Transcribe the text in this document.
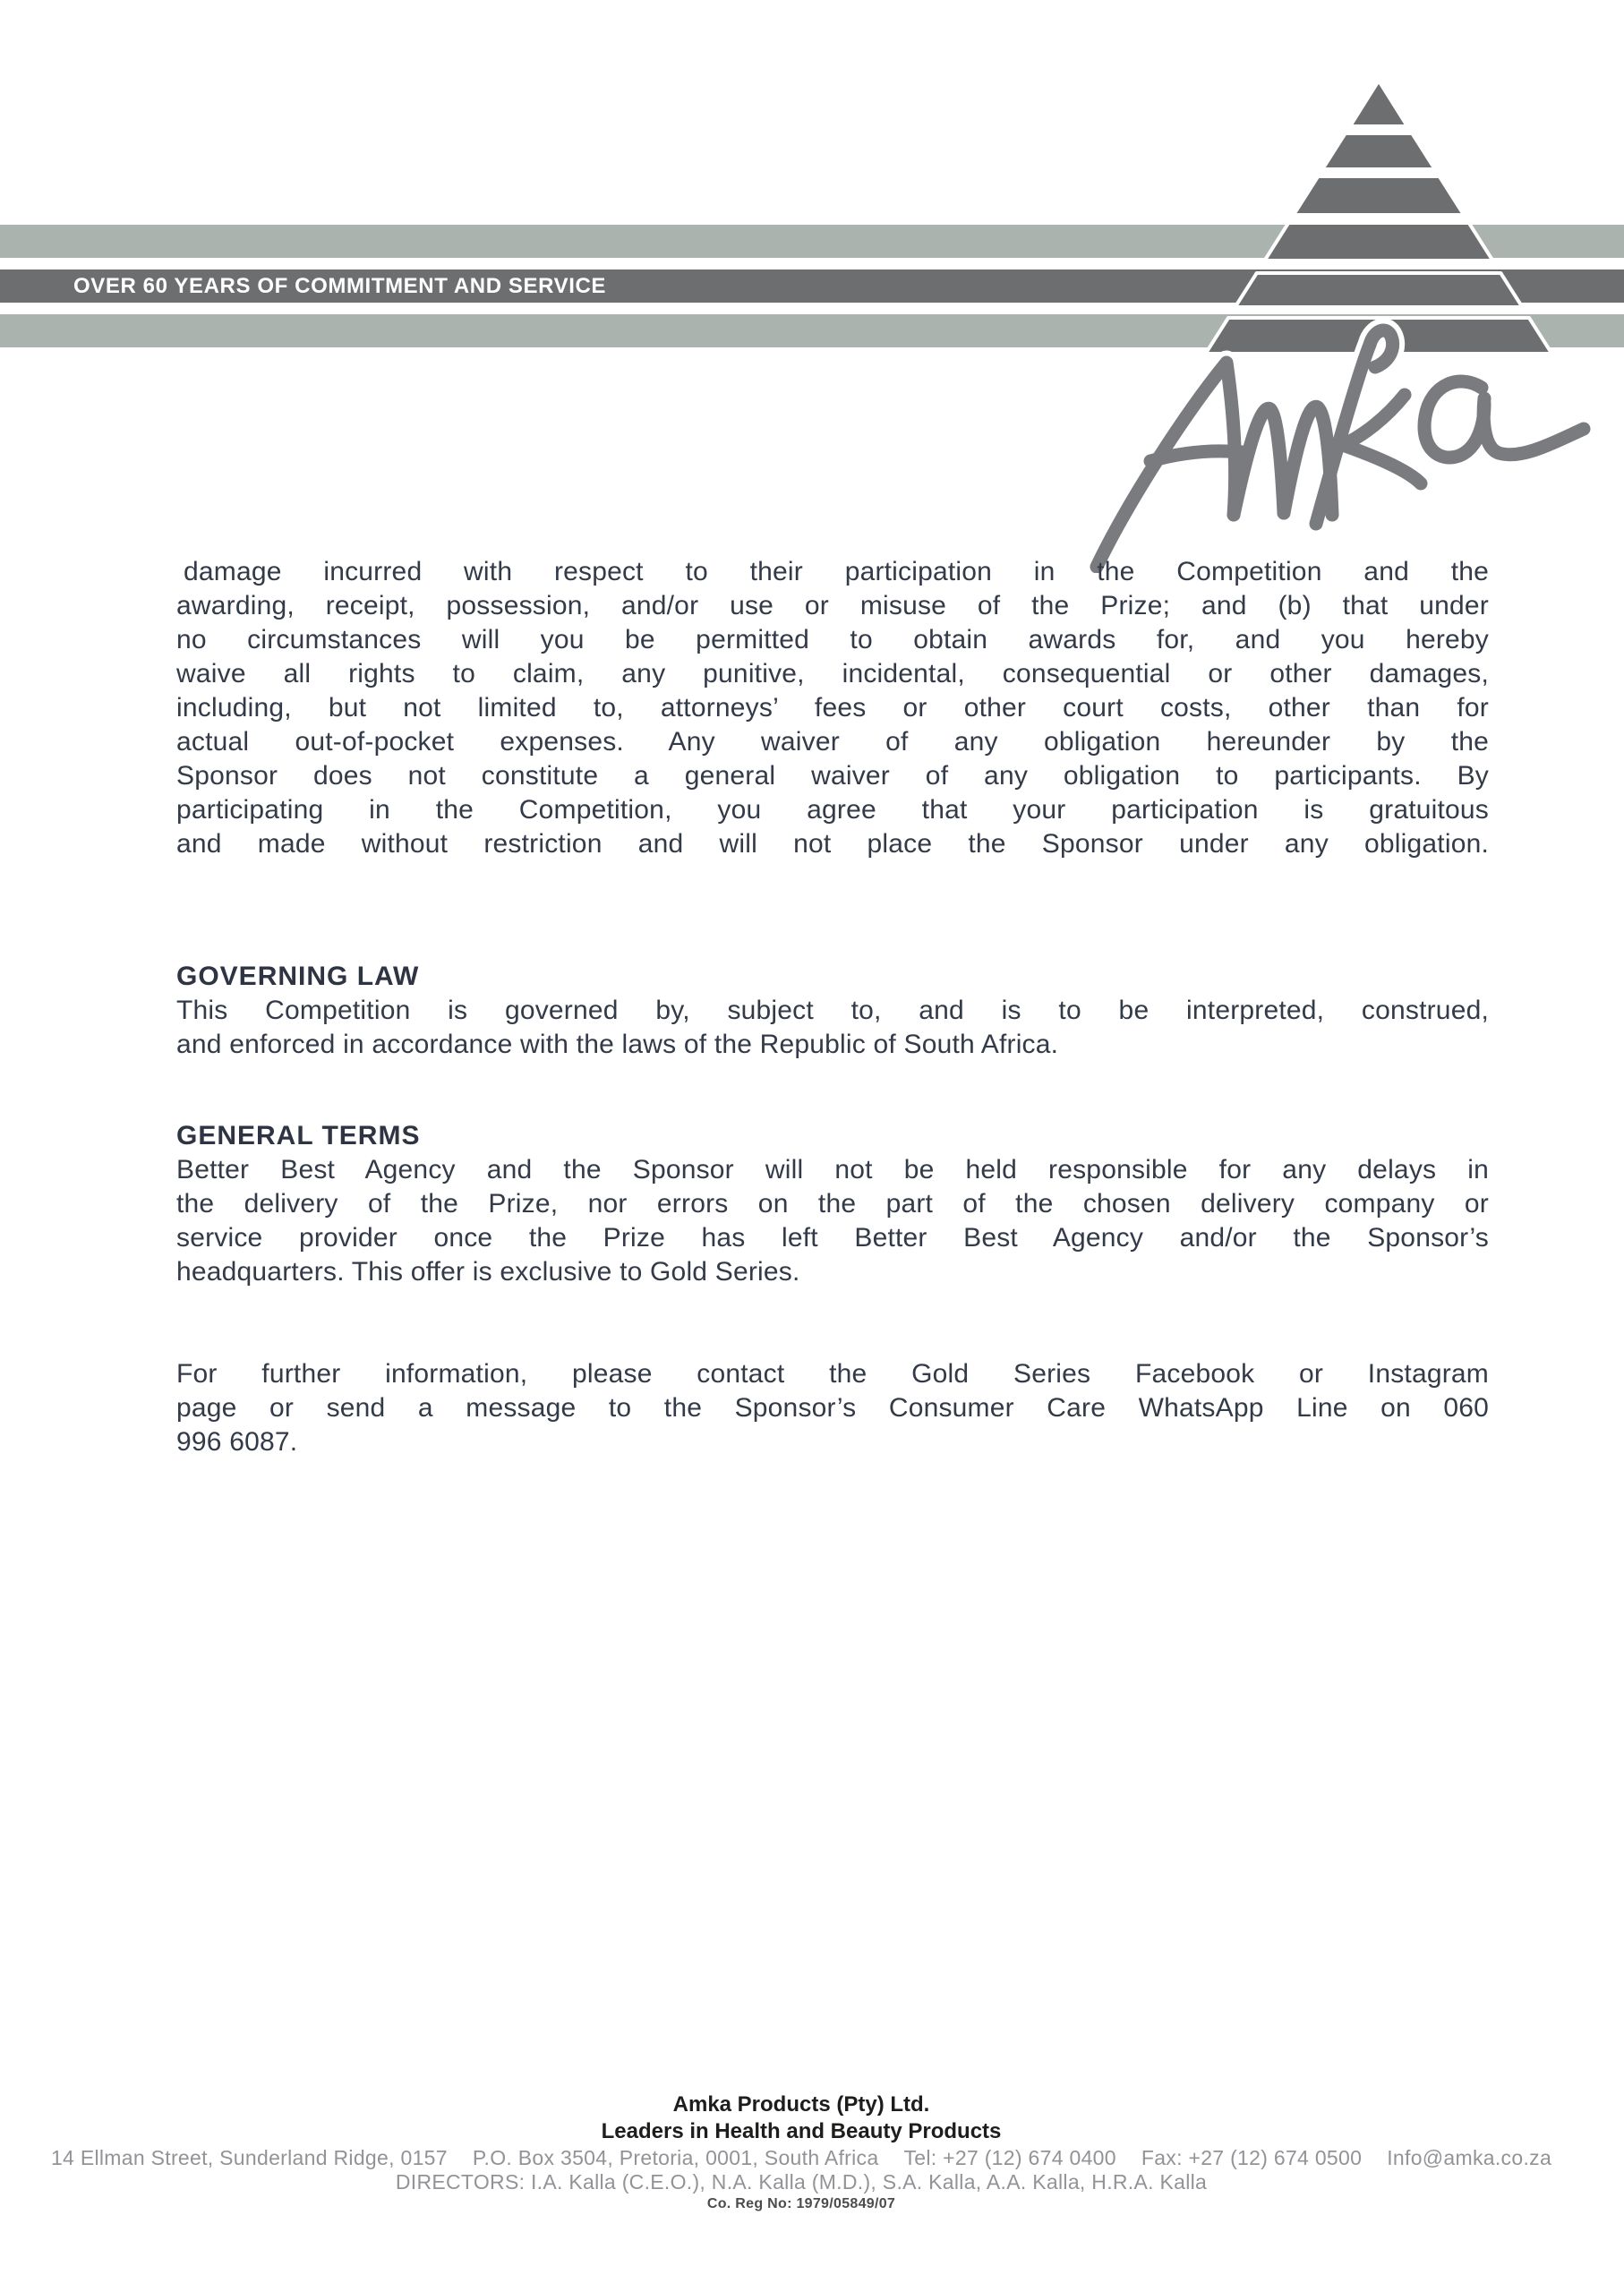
OVER 60 YEARS OF COMMITMENT AND SERVICE
damage incurred with respect to their participation in the Competition and the
awarding, receipt, possession, and/or use or misuse of the Prize; and (b) that under
no circumstances will you be permitted to obtain awards for, and you hereby
waive all rights to claim, any punitive, incidental, consequential or other damages,
including, but not limited to, attorneys’ fees or other court costs, other than for
actual out-of-pocket expenses. Any waiver of any obligation hereunder by the
Sponsor does not constitute a general waiver of any obligation to participants. By
participating in the Competition, you agree that your participation is gratuitous
and made without restriction and will not place the Sponsor under any obligation.
GOVERNING LAW
This Competition is governed by, subject to, and is to be interpreted, construed,
and enforced in accordance with the laws of the Republic of South Africa.
GENERAL TERMS
Better Best Agency and the Sponsor will not be held responsible for any delays in
the delivery of the Prize, nor errors on the part of the chosen delivery company or
service provider once the Prize has left Better Best Agency and/or the Sponsor’s
headquarters. This offer is exclusive to Gold Series.
For further information, please contact the Gold Series Facebook or Instagram
page or send a message to the Sponsor’s Consumer Care WhatsApp Line on 060
996 6087.
Amka Products (Pty) Ltd.
Leaders in Health and Beauty Products
14 Ellman Street, Sunderland Ridge, 0157 P.O. Box 3504, Pretoria, 0001, South Africa Tel: +27 (12) 674 0400 Fax: +27 (12) 674 0500 Info@amka.co.za
DIRECTORS: I.A. Kalla (C.E.O.), N.A. Kalla (M.D.), S.A. Kalla, A.A. Kalla, H.R.A. Kalla
Co. Reg No: 1979/05849/07
